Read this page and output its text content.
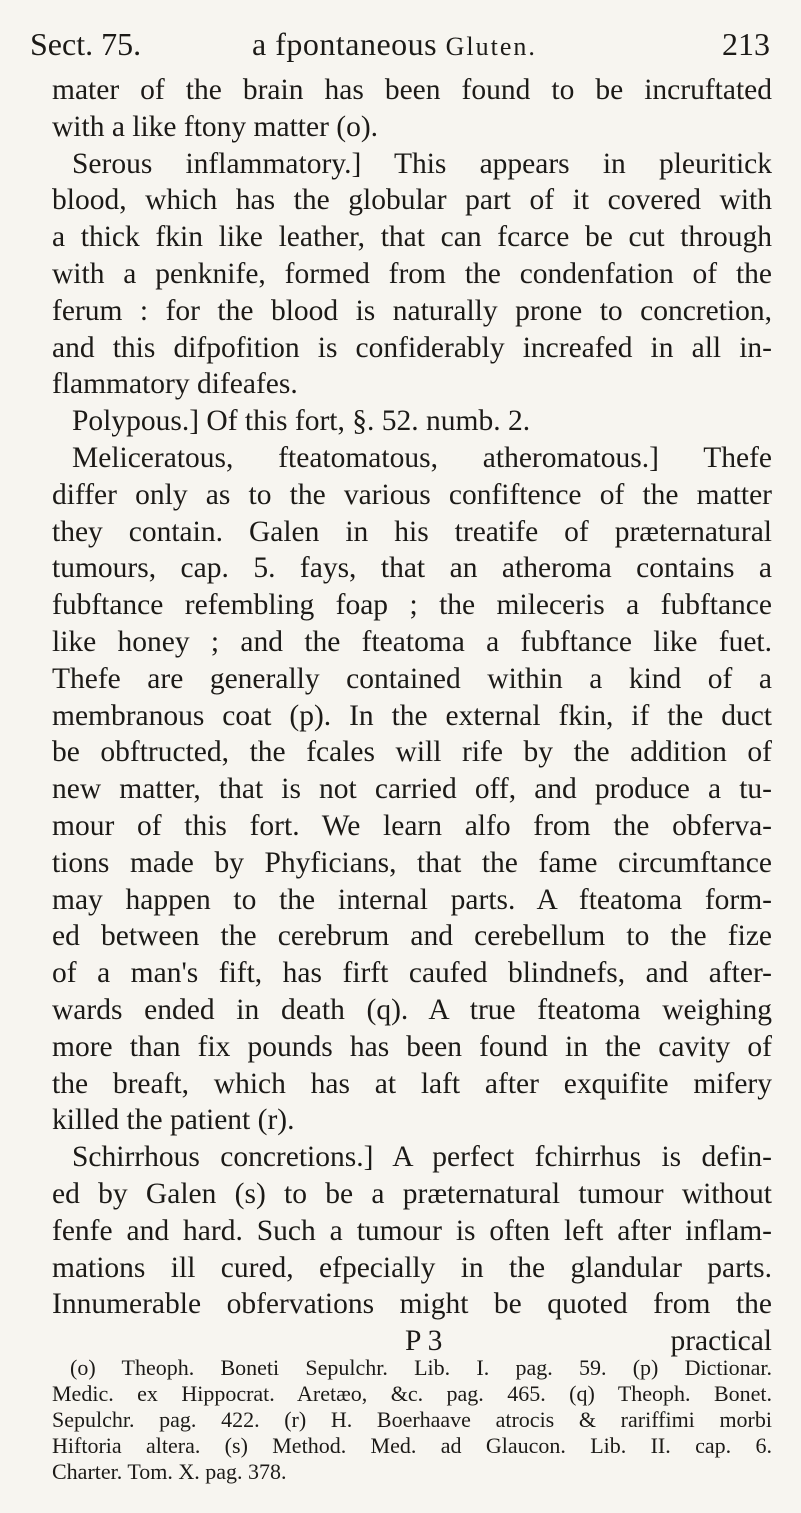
Sect. 75.	a fpontaneous Gluten.	213
mater of the brain has been found to be incruftated
with a like ftony matter (o).
Serous inflammatory.] This appears in pleuritick
blood, which has the globular part of it covered with
a thick fkin like leather, that can fcarce be cut through
with a penknife, formed from the condenfation of the
ferum : for the blood is naturally prone to concretion,
and this difpofition is confiderably increafed in all in-
flammatory difeafes.
Polypous.] Of this fort, §. 52. numb. 2.
Meliceratous, fteatomatous, atheromatous.] Thefe
differ only as to the various confiftence of the matter
they contain. Galen in his treatife of prӕternatural
tumours, cap. 5. fays, that an atheroma contains a
fubftance refembling foap ; the mileceris a fubftance
like honey ; and the fteatoma a fubftance like fuet.
Thefe are generally contained within a kind of a
membranous coat (p). In the external fkin, if the duct
be obftructed, the fcales will rife by the addition of
new matter, that is not carried off, and produce a tu-
mour of this fort. We learn alfo from the obferva-
tions made by Phyficians, that the fame circumftance
may happen to the internal parts. A fteatoma form-
ed between the cerebrum and cerebellum to the fize
of a man's fift, has firft caufed blindnefs, and after-
wards ended in death (q). A true fteatoma weighing
more than fix pounds has been found in the cavity of
the breaft, which has at laft after exquifite mifery
killed the patient (r).
Schirrhous concretions.] A perfect fchirrhus is defin-
ed by Galen (s) to be a prӕternatural tumour without
fenfe and hard. Such a tumour is often left after inflam-
mations ill cured, efpecially in the glandular parts.
Innumerable obfervations might be quoted from the
P 3	practical
(o) Theoph. Boneti Sepulchr. Lib. I. pag. 59. (p) Dictionar.
Medic. ex Hippocrat. Aretӕo, &c. pag. 465. (q) Theoph. Bonet.
Sepulchr. pag. 422. (r) H. Boerhaave atrocis & rariffimi morbi
Hiftoria altera. (s) Method. Med. ad Glaucon. Lib. II. cap. 6.
Charter. Tom. X. pag. 378.
